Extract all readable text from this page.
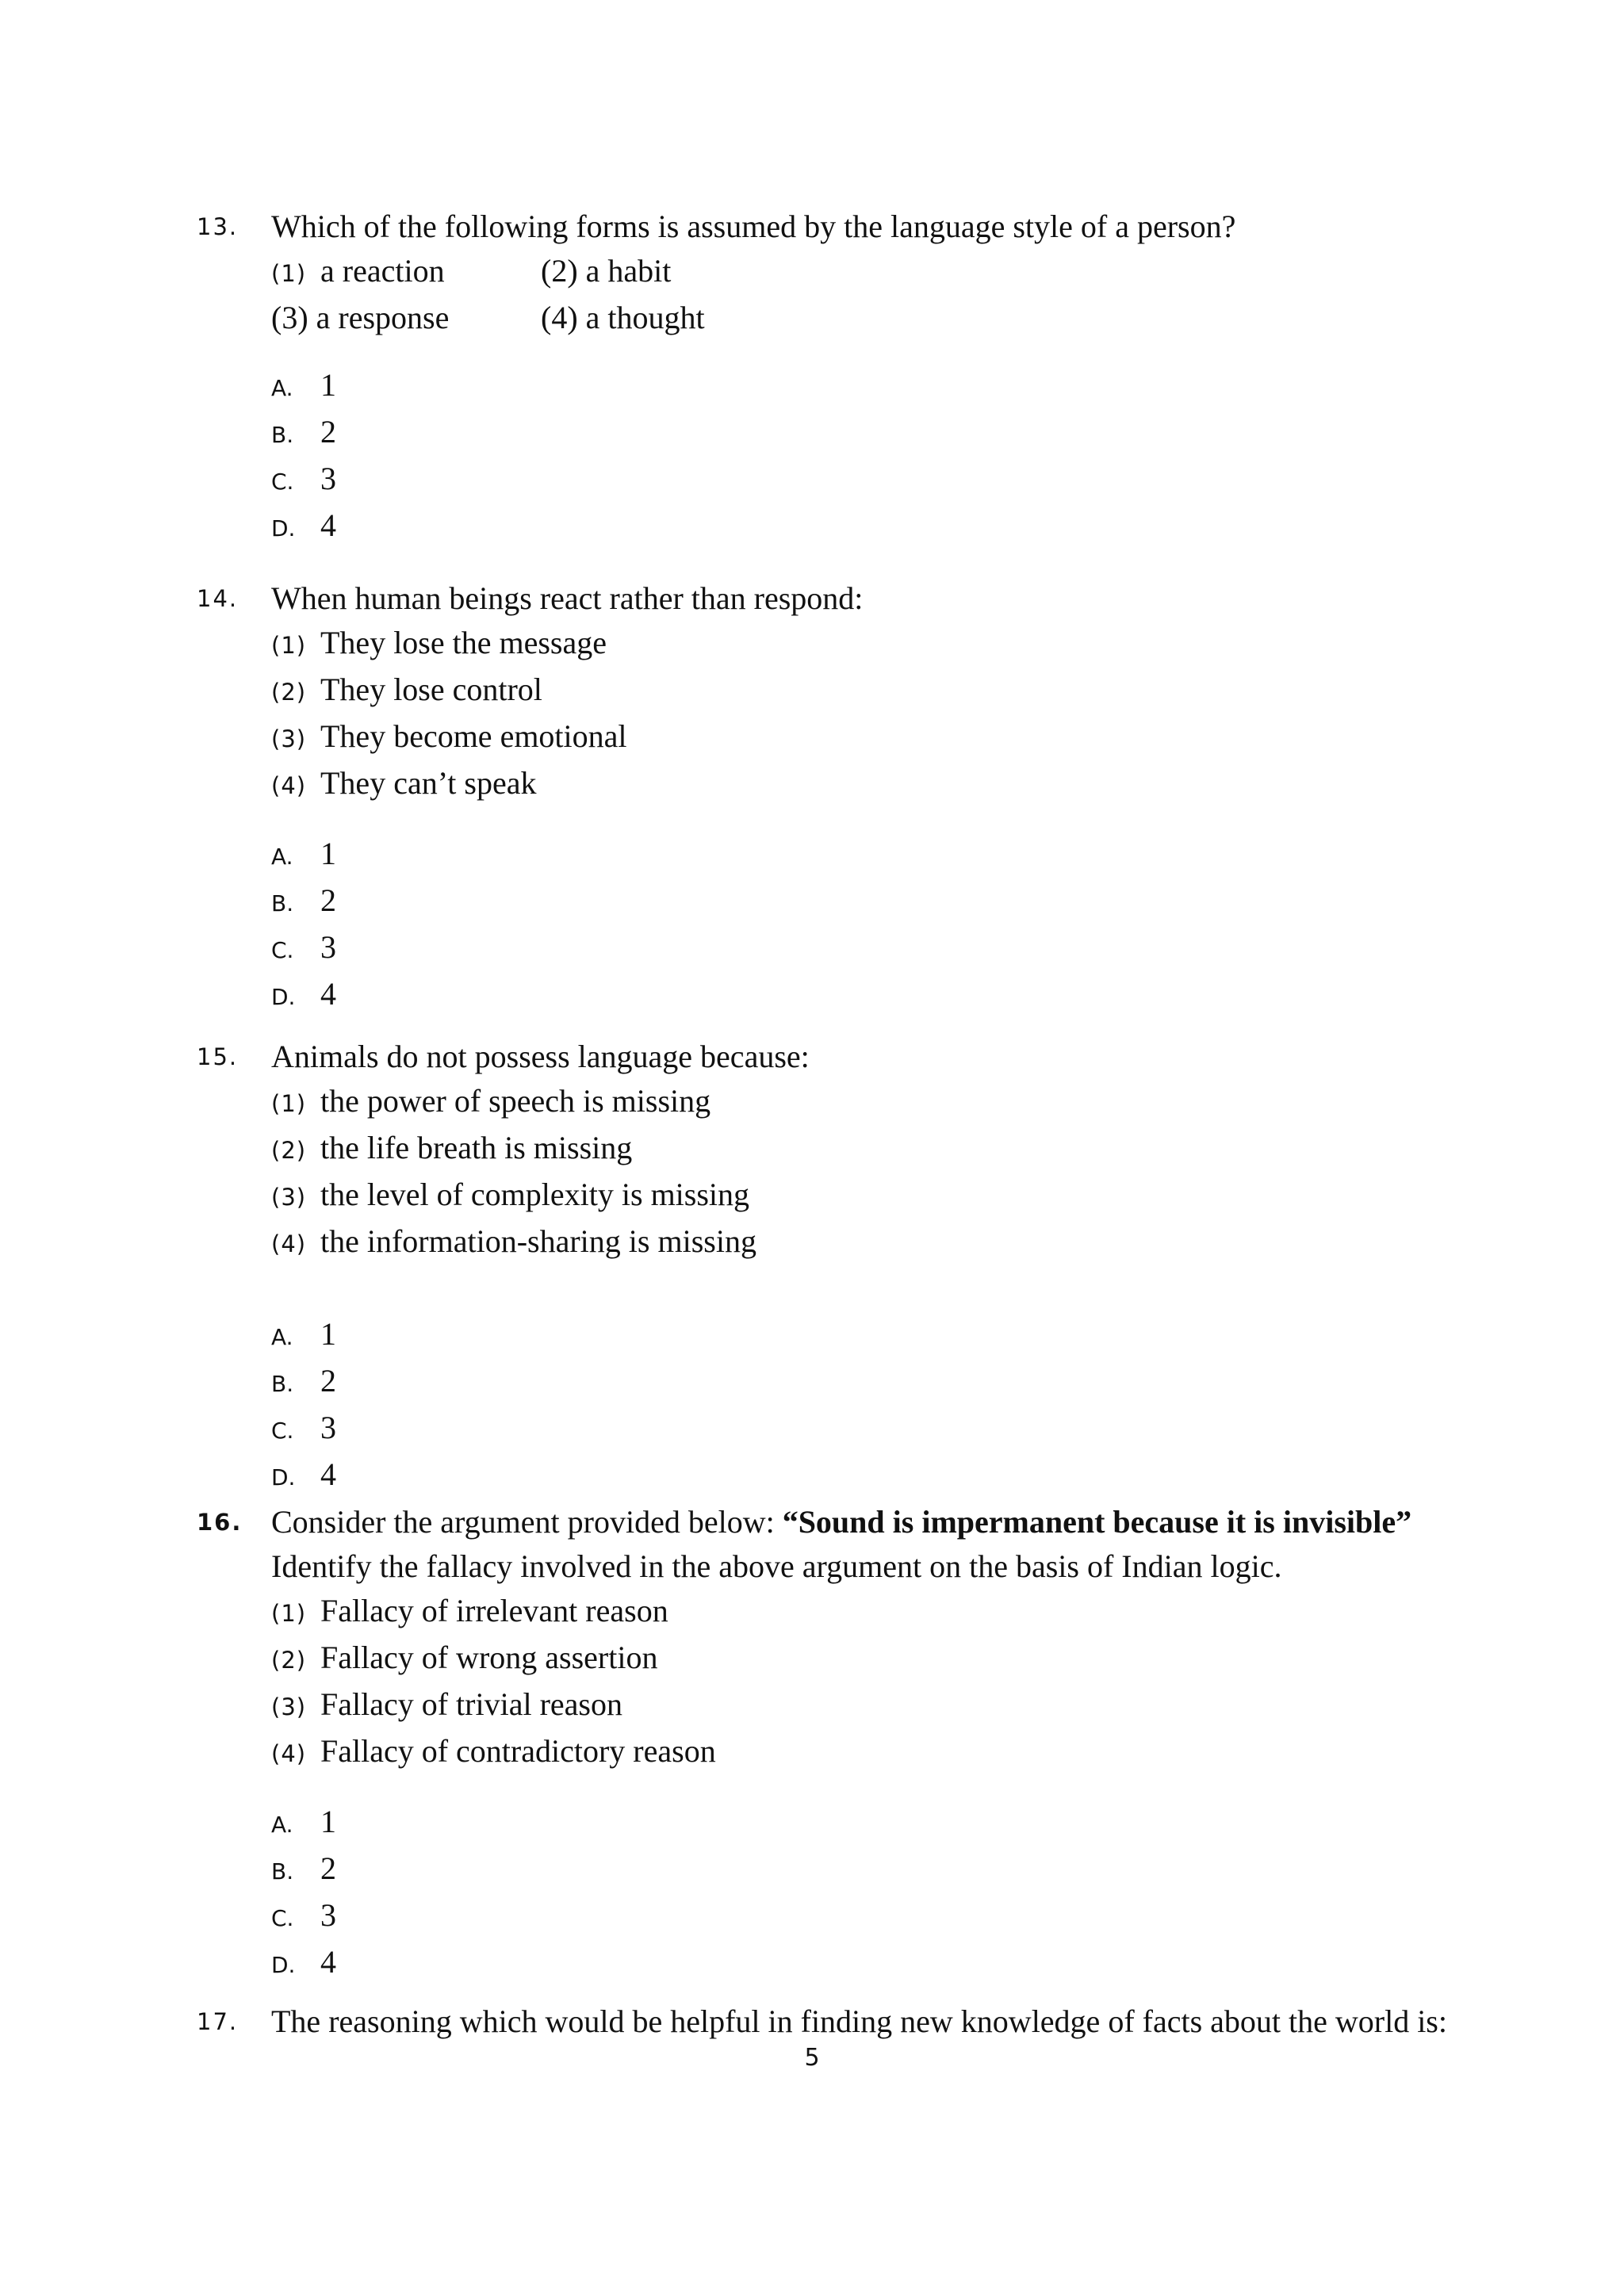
13. Which of the following forms is assumed by the language style of a person?
(1) a reaction	(2) a habit
(3) a response	(4) a thought
A. 1
B. 2
C. 3
D. 4
14. When human beings react rather than respond:
(1) They lose the message
(2) They lose control
(3) They become emotional
(4) They can’t speak
A. 1
B. 2
C. 3
D. 4
15. Animals do not possess language because:
(1) the power of speech is missing
(2) the life breath is missing
(3) the level of complexity is missing
(4) the information-sharing is missing
A. 1
B. 2
C. 3
D. 4
16. Consider the argument provided below: “Sound is impermanent because it is invisible”
Identify the fallacy involved in the above argument on the basis of Indian logic.
(1) Fallacy of irrelevant reason
(2) Fallacy of wrong assertion
(3) Fallacy of trivial reason
(4) Fallacy of contradictory reason
A. 1
B. 2
C. 3
D. 4
17. The reasoning which would be helpful in finding new knowledge of facts about the world is:
5
